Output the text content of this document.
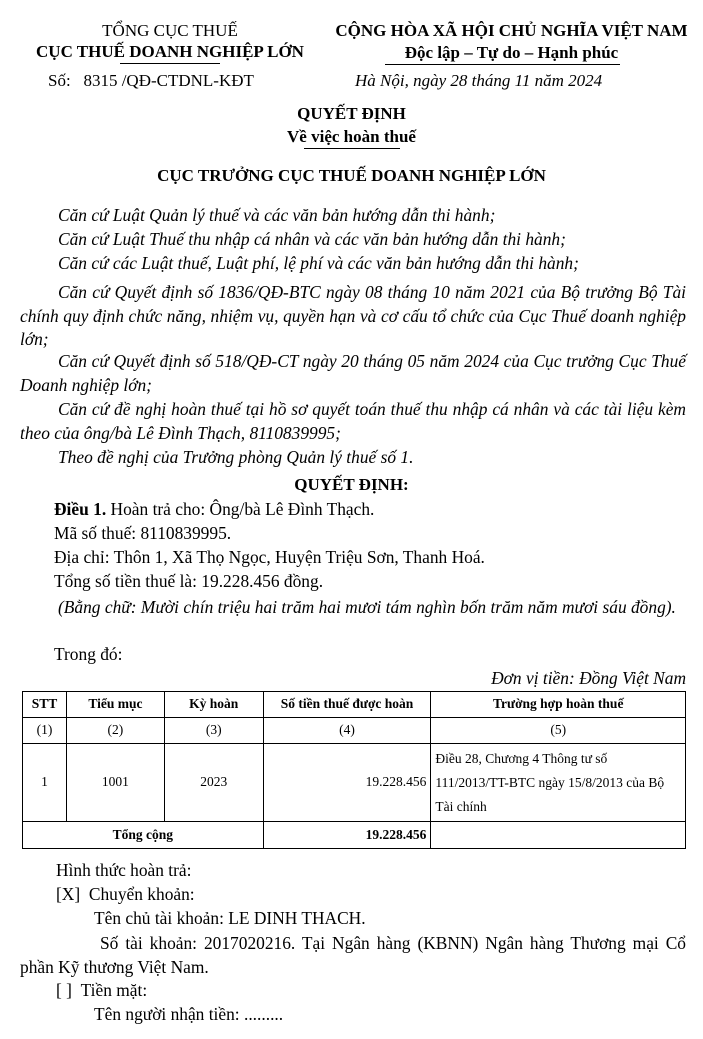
TỔNG CỤC THUẾ
CỤC THUẾ DOANH NGHIỆP LỚN
Số: 8315 /QĐ-CTDNL-KĐT
CỘNG HÒA XÃ HỘI CHỦ NGHĨA VIỆT NAM
Độc lập – Tự do – Hạnh phúc
Hà Nội, ngày 28 tháng 11 năm 2024
QUYẾT ĐỊNH
Về việc hoàn thuế
CỤC TRƯỞNG CỤC THUẾ DOANH NGHIỆP LỚN
Căn cứ Luật Quản lý thuế và các văn bản hướng dẫn thi hành;
Căn cứ Luật Thuế thu nhập cá nhân và các văn bản hướng dẫn thi hành;
Căn cứ các Luật thuế, Luật phí, lệ phí và các văn bản hướng dẫn thi hành;
Căn cứ Quyết định số 1836/QĐ-BTC ngày 08 tháng 10 năm 2021 của Bộ trưởng Bộ Tài chính quy định chức năng, nhiệm vụ, quyền hạn và cơ cấu tổ chức của Cục Thuế doanh nghiệp lớn;
Căn cứ Quyết định số 518/QĐ-CT ngày 20 tháng 05 năm 2024 của Cục trưởng Cục Thuế Doanh nghiệp lớn;
Căn cứ đề nghị hoàn thuế tại hồ sơ quyết toán thuế thu nhập cá nhân và các tài liệu kèm theo của ông/bà Lê Đình Thạch, 8110839995;
Theo đề nghị của Trưởng phòng Quản lý thuế số 1.
QUYẾT ĐỊNH:
Điều 1. Hoàn trả cho: Ông/bà Lê Đình Thạch.
Mã số thuế: 8110839995.
Địa chỉ: Thôn 1, Xã Thọ Ngọc, Huyện Triệu Sơn, Thanh Hoá.
Tổng số tiền thuế là: 19.228.456 đồng.
(Bằng chữ: Mười chín triệu hai trăm hai mươi tám nghìn bốn trăm năm mươi sáu đồng).
Trong đó:
Đơn vị tiền: Đồng Việt Nam
STT	Tiểu mục	Kỳ hoàn	Số tiền thuế được hoàn	Trường hợp hoàn thuế
(1)	(2)	(3)	(4)	(5)
1	1001	2023	19.228.456	Điều 28, Chương 4 Thông tư số 111/2013/TT-BTC ngày 15/8/2013 của Bộ Tài chính
Tổng cộng			19.228.456	
Hình thức hoàn trả:
[X] Chuyển khoản:
Tên chủ tài khoản: LE DINH THACH.
Số tài khoản: 2017020216. Tại Ngân hàng (KBNN) Ngân hàng Thương mại Cổ phần Kỹ thương Việt Nam.
[ ] Tiền mặt:
Tên người nhận tiền: .........
